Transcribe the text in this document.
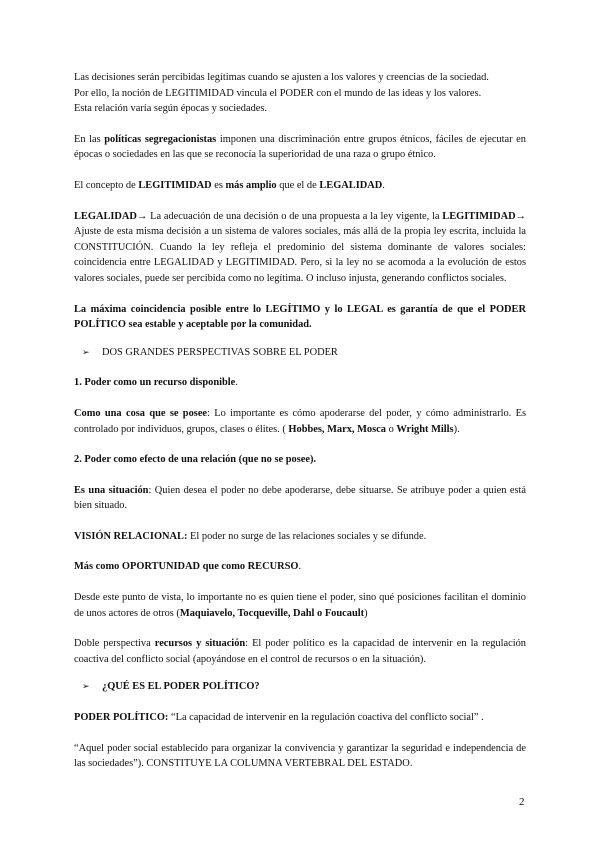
Las decisiones serán percibidas legítimas cuando se ajusten a los valores y creencias de la sociedad.
Por ello, la noción de LEGITIMIDAD vincula el PODER con el mundo de las ideas y los valores.
Esta relación varía según épocas y sociedades.

En las políticas segregacionistas imponen una discriminación entre grupos étnicos, fáciles de ejecutar en épocas o sociedades en las que se reconocía la superioridad de una raza o grupo étnico.

El concepto de LEGITIMIDAD es más amplio que el de LEGALIDAD.

LEGALIDAD→ La adecuación de una decisión o de una propuesta a la ley vigente, la LEGITIMIDAD→ Ajuste de esta misma decisión a un sistema de valores sociales, más allá de la propia ley escrita, incluida la CONSTITUCIÓN. Cuando la ley refleja el predominio del sistema dominante de valores sociales: coincidencia entre LEGALIDAD y LEGITIMIDAD. Pero, si la ley no se acomoda a la evolución de estos valores sociales, puede ser percibida como no legítima. O incluso injusta, generando conflictos sociales.

La máxima coincidencia posible entre lo LEGÍTIMO y lo LEGAL es garantía de que el PODER POLÍTICO sea estable y aceptable por la comunidad.

➢	DOS GRANDES PERSPECTIVAS SOBRE EL PODER

1. Poder como un recurso disponible.

Como una cosa que se posee: Lo importante es cómo apoderarse del poder, y cómo administrarlo. Es controlado por individuos, grupos, clases o élites. ( Hobbes, Marx, Mosca o Wright Mills).

2. Poder como efecto de una relación (que no se posee).

Es una situación: Quien desea el poder no debe apoderarse, debe situarse. Se atribuye poder a quien está bien situado.

VISIÓN RELACIONAL: El poder no surge de las relaciones sociales y se difunde.

Más como OPORTUNIDAD que como RECURSO.

Desde este punto de vista, lo importante no es quien tiene el poder, sino qué posiciones facilitan el dominio de unos actores de otros (Maquiavelo, Tocqueville, Dahl o Foucault)

Doble perspectiva recursos y situación: El poder político es la capacidad de intervenir en la regulación coactiva del conflicto social (apoyándose en el control de recursos o en la situación).

➢	¿QUÉ ES EL PODER POLÍTICO?

PODER POLÍTICO: “La capacidad de intervenir en la regulación coactiva del conflicto social” .

“Aquel poder social establecido para organizar la convivencia y garantizar la seguridad e independencia de las sociedades”). CONSTITUYE LA COLUMNA VERTEBRAL DEL ESTADO.

2
